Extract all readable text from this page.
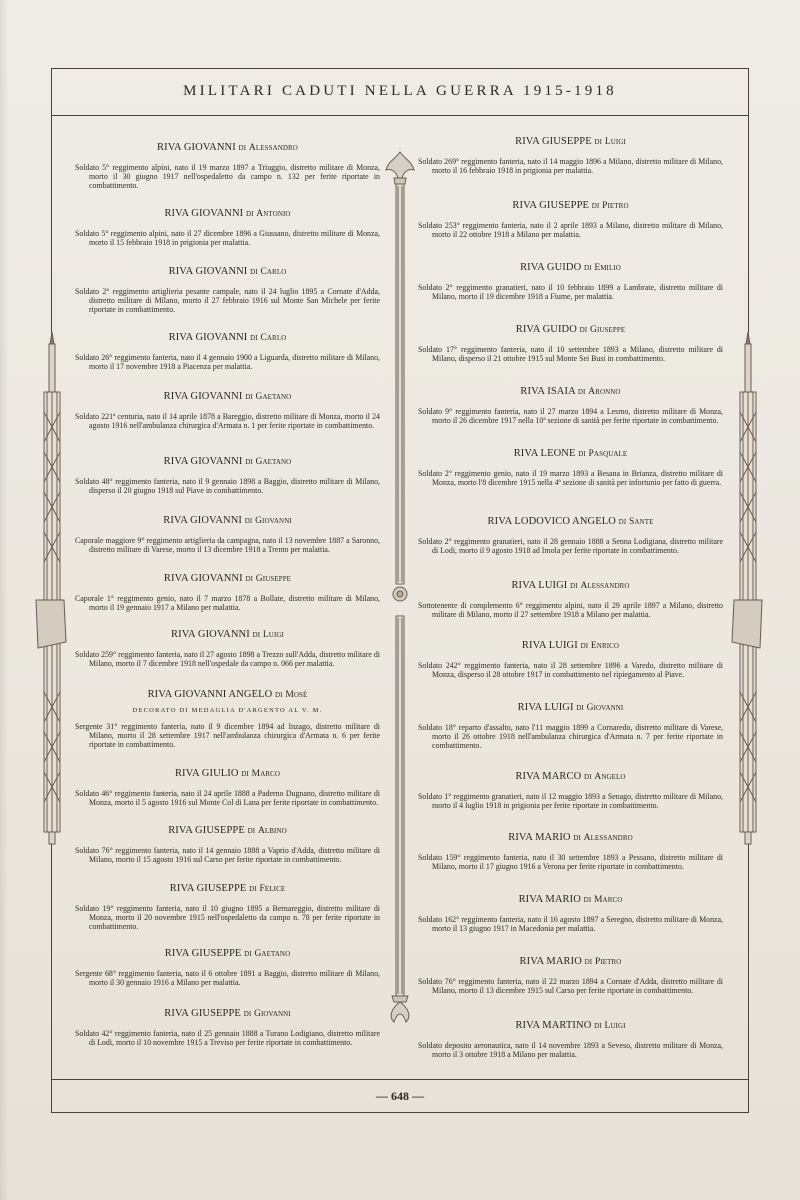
MILITARI CADUTI NELLA GUERRA 1915-1918
RIVA GIOVANNI di Alessandro
Soldato 5° reggimento alpini, nato il 19 marzo 1897 a Triuggio, distretto militare di Monza, morto il 30 giugno 1917 nell'ospedaletto da campo n. 132 per ferite riportate in combattimento.
RIVA GIOVANNI di Antonio
Soldato 5° reggimento alpini, nato il 27 dicembre 1896 a Giussano, distretto militare di Monza, morto il 15 febbraio 1918 in prigionia per malattia.
RIVA GIOVANNI di Carlo
Soldato 2° reggimento artiglieria pesante campale, nato il 24 luglio 1895 a Cornate d'Adda, distretto militare di Milano, morto il 27 febbraio 1916 sul Monte San Michele per ferite riportate in combattimento.
RIVA GIOVANNI di Carlo
Soldato 26° reggimento fanteria, nato il 4 gennaio 1900 a Liguarda, distretto militare di Milano, morto il 17 novembre 1918 a Piacenza per malattia.
RIVA GIOVANNI di Gaetano
Soldato 221ª centuria, nato il 14 aprile 1878 a Bareggio, distretto militare di Monza, morto il 24 agosto 1916 nell'ambulanza chirurgica d'Armata n. 1 per ferite riportate in combattimento.
RIVA GIOVANNI di Gaetano
Soldato 48° reggimento fanteria, nato il 9 gennaio 1898 a Baggio, distretto militare di Milano, disperso il 20 giugno 1918 sul Piave in combattimento.
RIVA GIOVANNI di Giovanni
Caporale maggiore 9° reggimento artiglieria da campagna, nato il 13 novembre 1887 a Saronno, distretto militare di Varese, morto il 13 dicembre 1918 a Trento per malattia.
RIVA GIOVANNI di Giuseppe
Caporale 1° reggimento genio, nato il 7 marzo 1878 a Bollate, distretto militare di Milano, morto il 19 gennaio 1917 a Milano per malattia.
RIVA GIOVANNI di Luigi
Soldato 259° reggimento fanteria, nato il 27 agosto 1898 a Trezzo sull'Adda, distretto militare di Milano, morto il 7 dicembre 1918 nell'ospedale da campo n. 066 per malattia.
RIVA GIOVANNI ANGELO di Mosè
DECORATO DI MEDAGLIA D'ARGENTO AL V. M.
Sergente 31° reggimento fanteria, nato il 9 dicembre 1894 ad Inzago, distretto militare di Milano, morto il 28 settembre 1917 nell'ambulanza chirurgica d'Armata n. 6 per ferite riportate in combattimento.
RIVA GIULIO di Marco
Soldato 46° reggimento fanteria, nato il 24 aprile 1888 a Paderno Dugnano, distretto militare di Monza, morto il 5 agosto 1916 sul Monte Col di Lana per ferite riportate in combattimento.
RIVA GIUSEPPE di Albino
Soldato 76° reggimento fanteria, nato il 14 gennaio 1888 a Vaprio d'Adda, distretto militare di Milano, morto il 15 agosto 1916 sul Carso per ferite riportate in combattimento.
RIVA GIUSEPPE di Felice
Soldato 19° reggimento fanteria, nato il 10 giugno 1895 a Bernareggio, distretto militare di Monza, morto il 20 novembre 1915 nell'ospedaletto da campo n. 78 per ferite riportate in combattimento.
RIVA GIUSEPPE di Gaetano
Sergente 68° reggimento fanteria, nato il 6 ottobre 1891 a Baggio, distretto militare di Milano, morto il 30 gennaio 1916 a Milano per malattia.
RIVA GIUSEPPE di Giovanni
Soldato 42° reggimento fanteria, nato il 25 gennaio 1888 a Turano Lodigiano, distretto militare di Lodi, morto il 10 novembre 1915 a Treviso per ferite riportate in combattimento.
RIVA GIUSEPPE di Luigi
Soldato 269° reggimento fanteria, nato il 14 maggio 1896 a Milano, distretto militare di Milano, morto il 16 febbraio 1918 in prigionia per malattia.
RIVA GIUSEPPE di Pietro
Soldato 253° reggimento fanteria, nato il 2 aprile 1893 a Milano, distretto militare di Milano, morto il 22 ottobre 1918 a Milano per malattia.
RIVA GUIDO di Emilio
Soldato 2° reggimento granatieri, nato il 10 febbraio 1899 a Lambrate, distretto militare di Milano, morto il 19 dicembre 1918 a Fiume, per malattia.
RIVA GUIDO di Giuseppe
Soldato 17° reggimento fanteria, nato il 10 settembre 1893 a Milano, distretto militare di Milano, disperso il 21 ottobre 1915 sul Monte Sei Busi in combattimento.
RIVA ISAIA di Aronno
Soldato 9° reggimento fanteria, nato il 27 marzo 1894 a Lesmo, distretto militare di Monza, morto il 26 dicembre 1917 nella 10ª sezione di sanità per ferite riportate in combattimento.
RIVA LEONE di Pasquale
Soldato 2° reggimento genio, nato il 19 marzo 1893 a Besana in Brianza, distretto militare di Monza, morto l'8 dicembre 1915 nella 4ª sezione di sanità per infortunio per fatto di guerra.
RIVA LODOVICO ANGELO di Sante
Soldato 2° reggimento granatieri, nato il 28 gennaio 1888 a Senna Lodigiana, distretto militare di Lodi, morto il 9 agosto 1918 ad Imola per ferite riportate in combattimento.
RIVA LUIGI di Alessandro
Sottotenente di complemento 6° reggimento alpini, nato il 29 aprile 1897 a Milano, distretto militare di Milano, morto il 27 settembre 1918 a Milano per malattia.
RIVA LUIGI di Enrico
Soldato 242° reggimento fanteria, nato il 28 settembre 1896 a Varedo, distretto militare di Monza, disperso il 28 ottobre 1917 in combattimento nel ripiegamento al Piave.
RIVA LUIGI di Giovanni
Soldato 18° reparto d'assalto, nato l'11 maggio 1899 a Cornaredo, distretto militare di Varese, morto il 26 ottobre 1918 nell'ambulanza chirurgica d'Armata n. 7 per ferite riportate in combattimento.
RIVA MARCO di Angelo
Soldato 1° reggimento granatieri, nato il 12 maggio 1893 a Senago, distretto militare di Milano, morto il 4 luglio 1918 in prigionia per ferite riportate in combattimento.
RIVA MARIO di Alessandro
Soldato 159° reggimento fanteria, nato il 30 settembre 1893 a Pessano, distretto militare di Milano, morto il 17 giugno 1916 a Verona per ferite riportate in combattimento.
RIVA MARIO di Marco
Soldato 162° reggimento fanteria, nato il 16 agosto 1897 a Seregno, distretto militare di Monza, morto il 13 giugno 1917 in Macedonia per malattia.
RIVA MARIO di Pietro
Soldato 76° reggimento fanteria, nato il 22 marzo 1894 a Cornate d'Adda, distretto militare di Milano, morto il 13 dicembre 1915 sul Carso per ferite riportate in combattimento.
RIVA MARTINO di Luigi
Soldato deposito aeronautica, nato il 14 novembre 1893 a Seveso, distretto militare di Monza, morto il 3 ottobre 1918 a Milano per malattia.
— 648 —
